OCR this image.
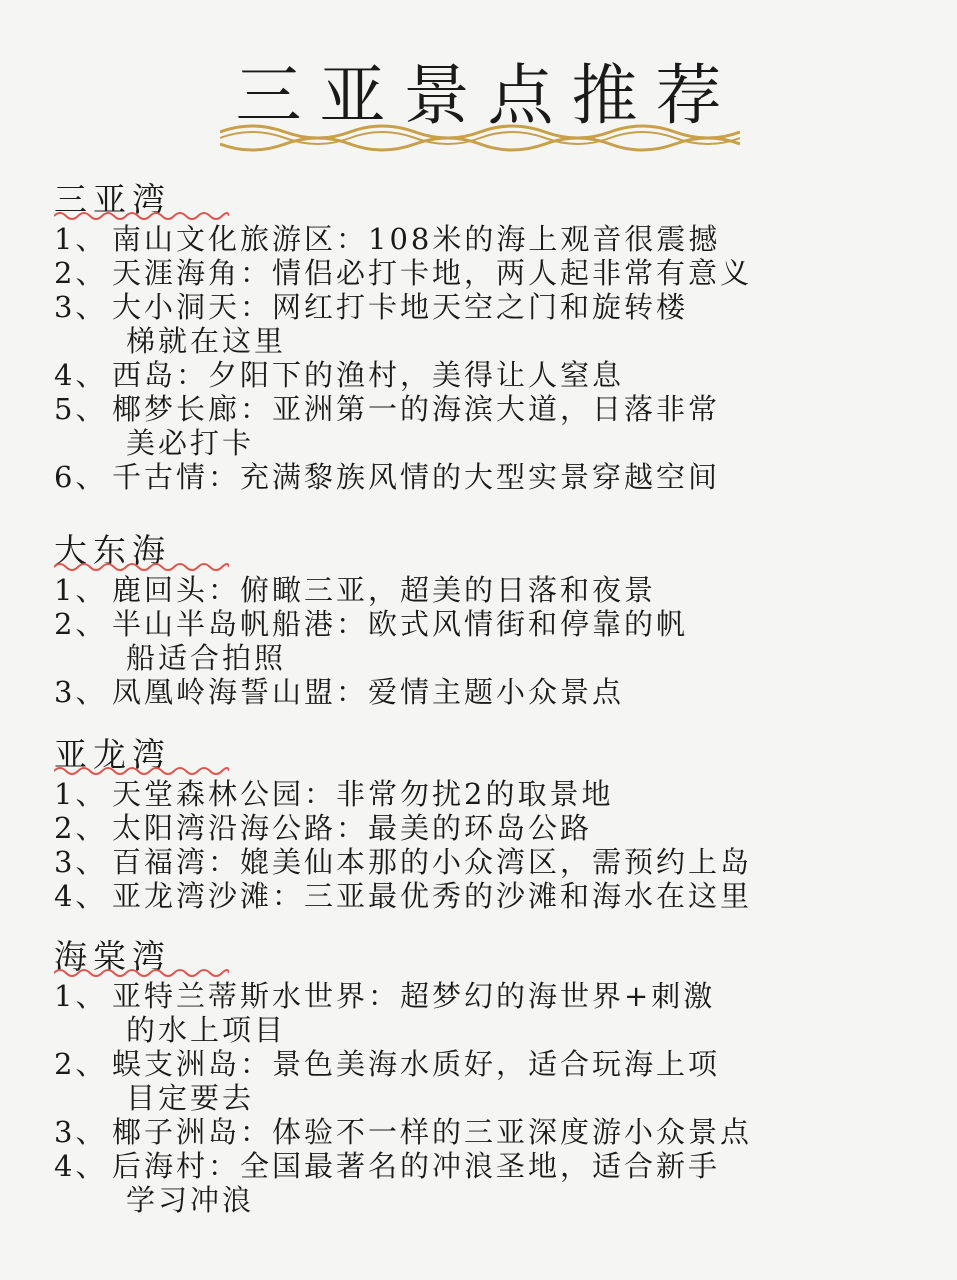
三亚景点推荐
三亚湾
1、 南山文化旅游区：108米的海上观音很震撼
2、 天涯海角：情侣必打卡地，两人起非常有意义
3、 大小洞天：网红打卡地天空之门和旋转楼
梯就在这里
4、 西岛：夕阳下的渔村，美得让人窒息
5、 椰梦长廊：亚洲第一的海滨大道，日落非常
美必打卡
6、 千古情：充满黎族风情的大型实景穿越空间
大东海
1、 鹿回头：俯瞰三亚，超美的日落和夜景
2、 半山半岛帆船港：欧式风情街和停靠的帆
船适合拍照
3、 凤凰岭海誓山盟：爱情主题小众景点
亚龙湾
1、 天堂森林公园：非常勿扰2的取景地
2、 太阳湾沿海公路：最美的环岛公路
3、 百福湾：媲美仙本那的小众湾区，需预约上岛
4、 亚龙湾沙滩：三亚最优秀的沙滩和海水在这里
海棠湾
1、 亚特兰蒂斯水世界：超梦幻的海世界+刺激
的水上项目
2、 蜈支洲岛：景色美海水质好，适合玩海上项
目定要去
3、 椰子洲岛：体验不一样的三亚深度游小众景点
4、 后海村：全国最著名的冲浪圣地，适合新手
学习冲浪
